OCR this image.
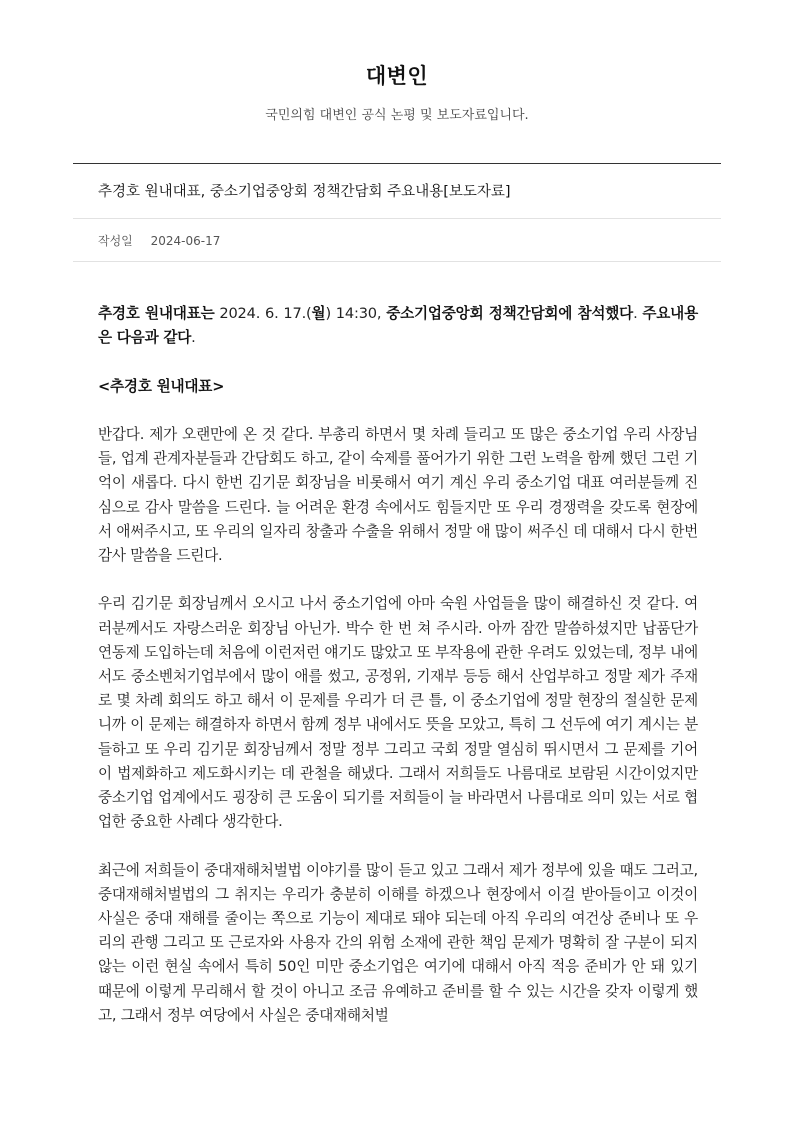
대변인

국민의힘 대변인 공식 논평 및 보도자료입니다.

추경호 원내대표, 중소기업중앙회 정책간담회 주요내용[보도자료]
작성일 2024-06-17

추경호 원내대표는 2024. 6. 17.(월) 14:30, 중소기업중앙회 정책간담회에 참석했다. 주요내용은 다음과 같다.

<추경호 원내대표>

반갑다. 제가 오랜만에 온 것 같다. 부총리 하면서 몇 차례 들리고 또 많은 중소기업 우리 사장님들, 업계 관계자분들과 간담회도 하고, 같이 숙제를 풀어가기 위한 그런 노력을 함께 했던 그런 기억이 새롭다. 다시 한번 김기문 회장님을 비롯해서 여기 계신 우리 중소기업 대표 여러분들께 진심으로 감사 말씀을 드린다. 늘 어려운 환경 속에서도 힘들지만 또 우리 경쟁력을 갖도록 현장에서 애써주시고, 또 우리의 일자리 창출과 수출을 위해서 정말 애 많이 써주신 데 대해서 다시 한번 감사 말씀을 드린다.

우리 김기문 회장님께서 오시고 나서 중소기업에 아마 숙원 사업들을 많이 해결하신 것 같다. 여러분께서도 자랑스러운 회장님 아닌가. 박수 한 번 쳐 주시라. 아까 잠깐 말씀하셨지만 납품단가연동제 도입하는데 처음에 이런저런 얘기도 많았고 또 부작용에 관한 우려도 있었는데, 정부 내에서도 중소벤처기업부에서 많이 애를 썼고, 공정위, 기재부 등등 해서 산업부하고 정말 제가 주재로 몇 차례 회의도 하고 해서 이 문제를 우리가 더 큰 틀, 이 중소기업에 정말 현장의 절실한 문제니까 이 문제는 해결하자 하면서 함께 정부 내에서도 뜻을 모았고, 특히 그 선두에 여기 계시는 분들하고 또 우리 김기문 회장님께서 정말 정부 그리고 국회 정말 열심히 뛰시면서 그 문제를 기어이 법제화하고 제도화시키는 데 관철을 해냈다. 그래서 저희들도 나름대로 보람된 시간이었지만 중소기업 업계에서도 굉장히 큰 도움이 되기를 저희들이 늘 바라면서 나름대로 의미 있는 서로 협업한 중요한 사례다 생각한다.

최근에 저희들이 중대재해처벌법 이야기를 많이 듣고 있고 그래서 제가 정부에 있을 때도 그러고, 중대재해처벌법의 그 취지는 우리가 충분히 이해를 하겠으나 현장에서 이걸 받아들이고 이것이 사실은 중대 재해를 줄이는 쪽으로 기능이 제대로 돼야 되는데 아직 우리의 여건상 준비나 또 우리의 관행 그리고 또 근로자와 사용자 간의 위험 소재에 관한 책임 문제가 명확히 잘 구분이 되지 않는 이런 현실 속에서 특히 50인 미만 중소기업은 여기에 대해서 아직 적응 준비가 안 돼 있기 때문에 이렇게 무리해서 할 것이 아니고 조금 유예하고 준비를 할 수 있는 시간을 갖자 이렇게 했고, 그래서 정부 여당에서 사실은 중대재해처벌
